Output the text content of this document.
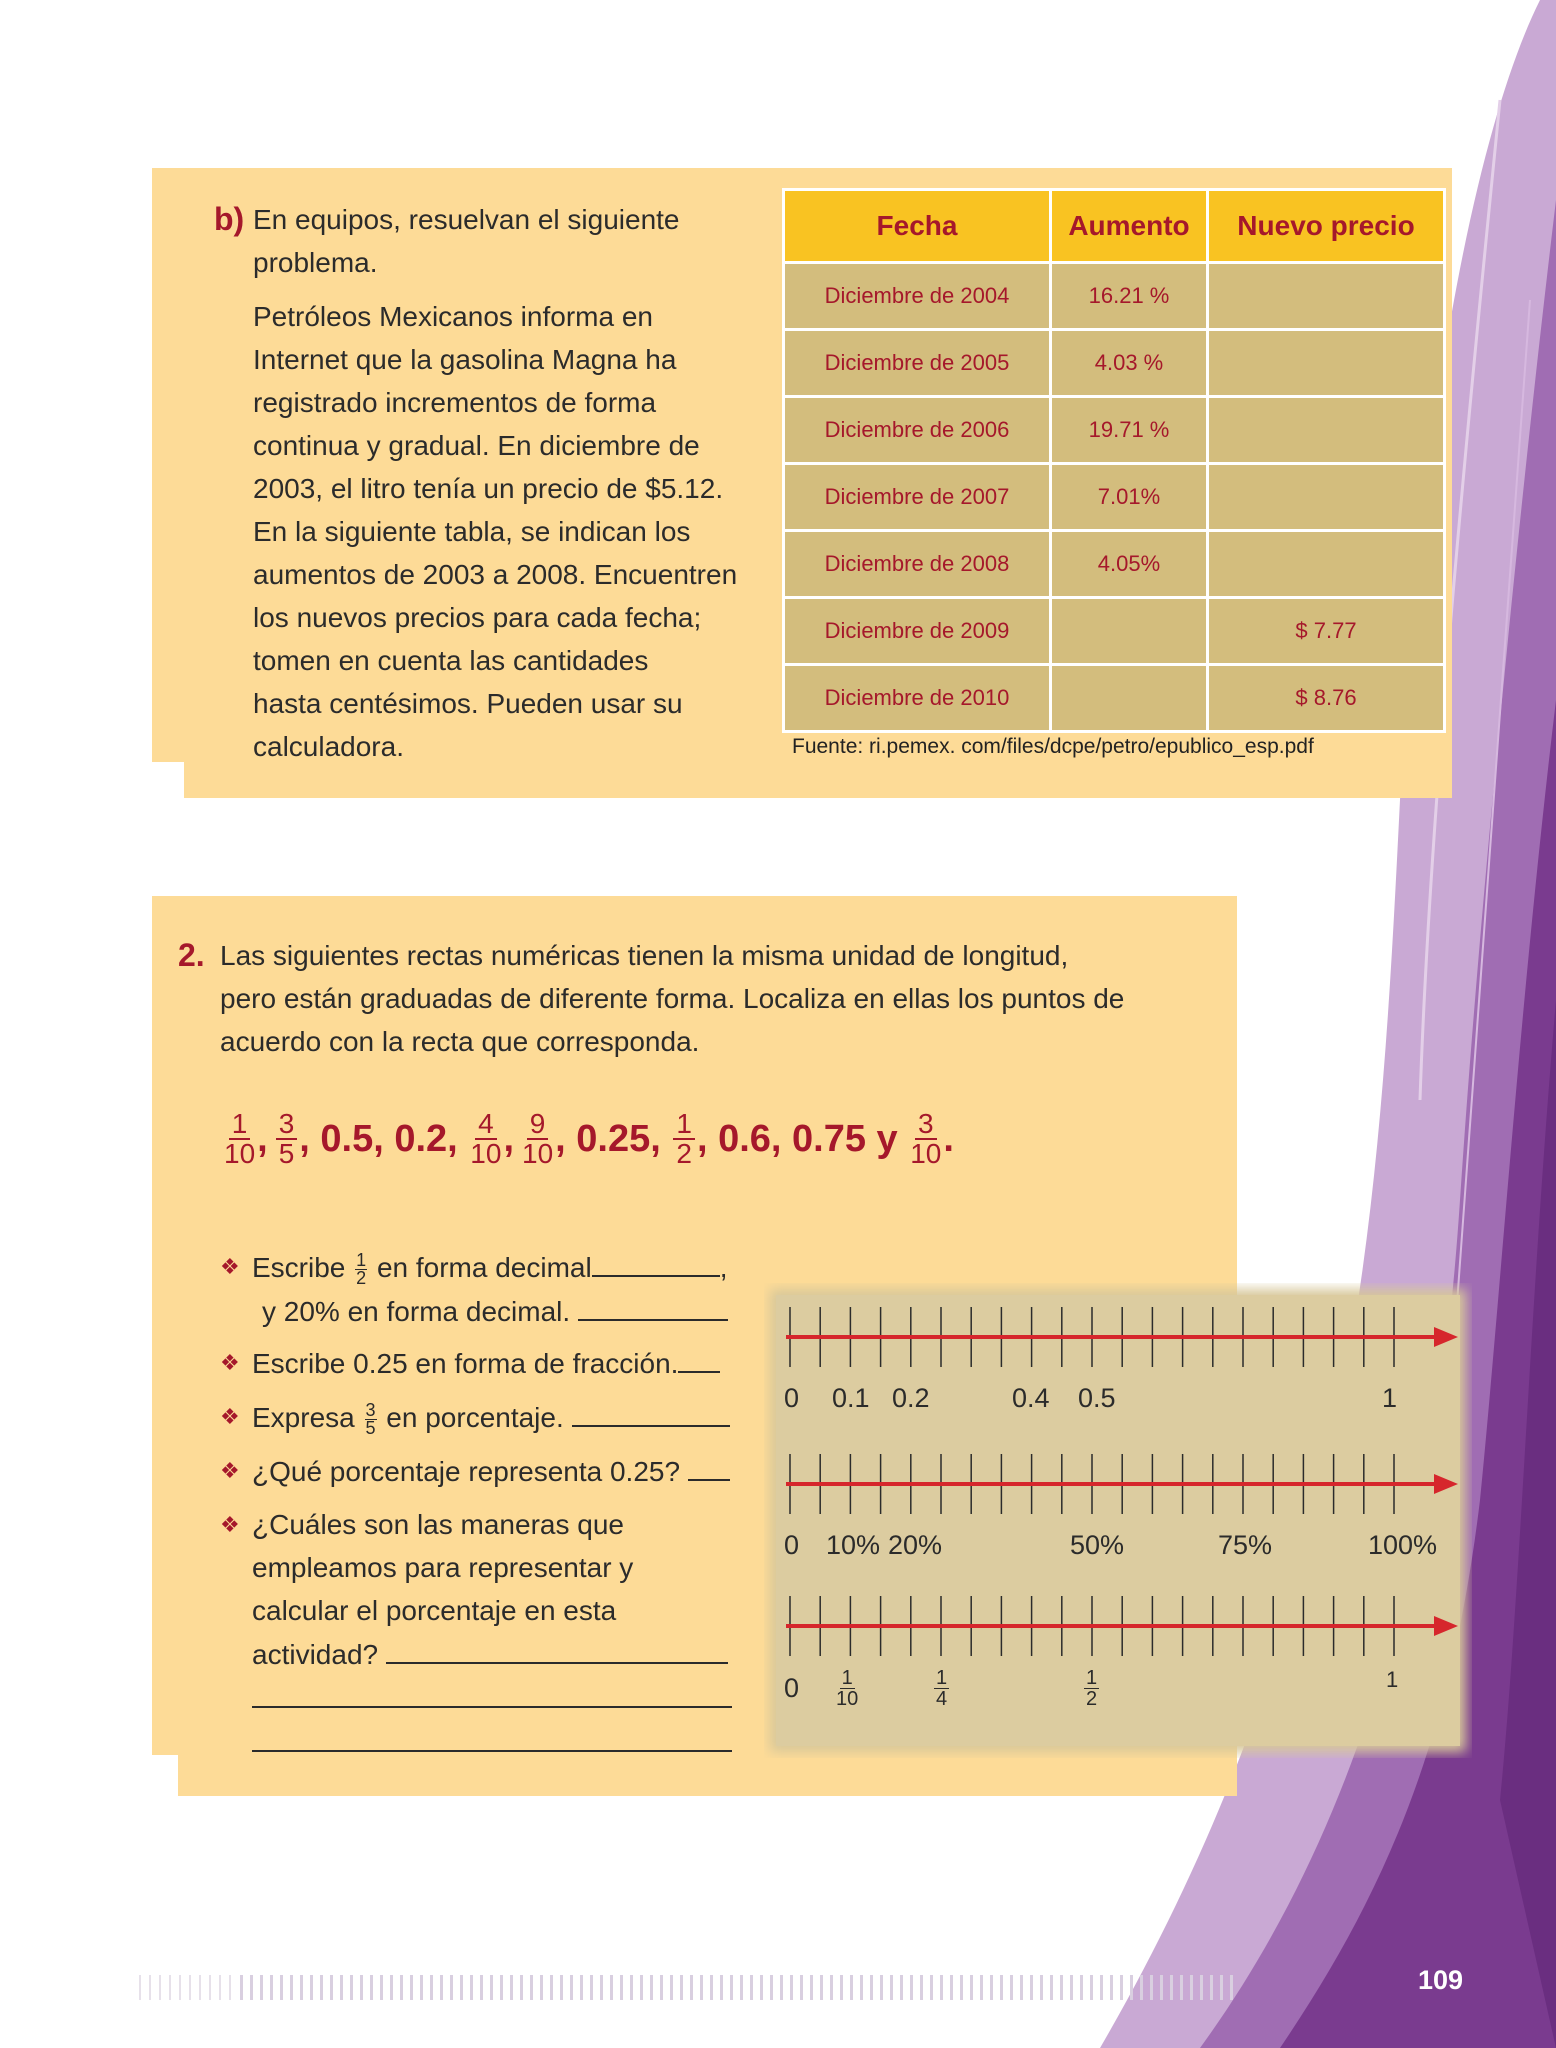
b) En equipos, resuelvan el siguiente
problema.
Petróleos Mexicanos informa en
Internet que la gasolina Magna ha
registrado incrementos de forma
continua y gradual. En diciembre de
2003, el litro tenía un precio de $5.12.
En la siguiente tabla, se indican los
aumentos de 2003 a 2008. Encuentren
los nuevos precios para cada fecha;
tomen en cuenta las cantidades
hasta centésimos. Pueden usar su
calculadora.
Fecha	Aumento	Nuevo precio
Diciembre de 2004	16.21 %	
Diciembre de 2005	4.03 %	
Diciembre de 2006	19.71 %	
Diciembre de 2007	7.01%	
Diciembre de 2008	4.05%	
Diciembre de 2009		$ 7.77
Diciembre de 2010		$ 8.76
Fuente: ri.pemex. com/files/dcpe/petro/epublico_esp.pdf
2. Las siguientes rectas numéricas tienen la misma unidad de longitud,
pero están graduadas de diferente forma. Localiza en ellas los puntos de
acuerdo con la recta que corresponda.
$\frac{1}{10}$ , $\frac{3}{5}$ , 0.5, 0.2, $\frac{4}{10}$ , $\frac{9}{10}$ , 0.25, $\frac{1}{2}$ , 0.6, 0.75 y $\frac{3}{10}$ .
❖ Escribe $\frac{1}{2}$ en forma decimal	,
y 20% en forma decimal.
❖ Escribe 0.25 en forma de fracción.
❖ Expresa $\frac{3}{5}$ en porcentaje.
❖ ¿Qué porcentaje representa 0.25?
❖ ¿Cuáles son las maneras que
empleamos para representar y
calcular el porcentaje en esta
actividad?
0 0.1 0.2	0.4 0.5	1
0 10% 20%	50%	75%	100%
0 1
10
1
4
1
2
1
109
